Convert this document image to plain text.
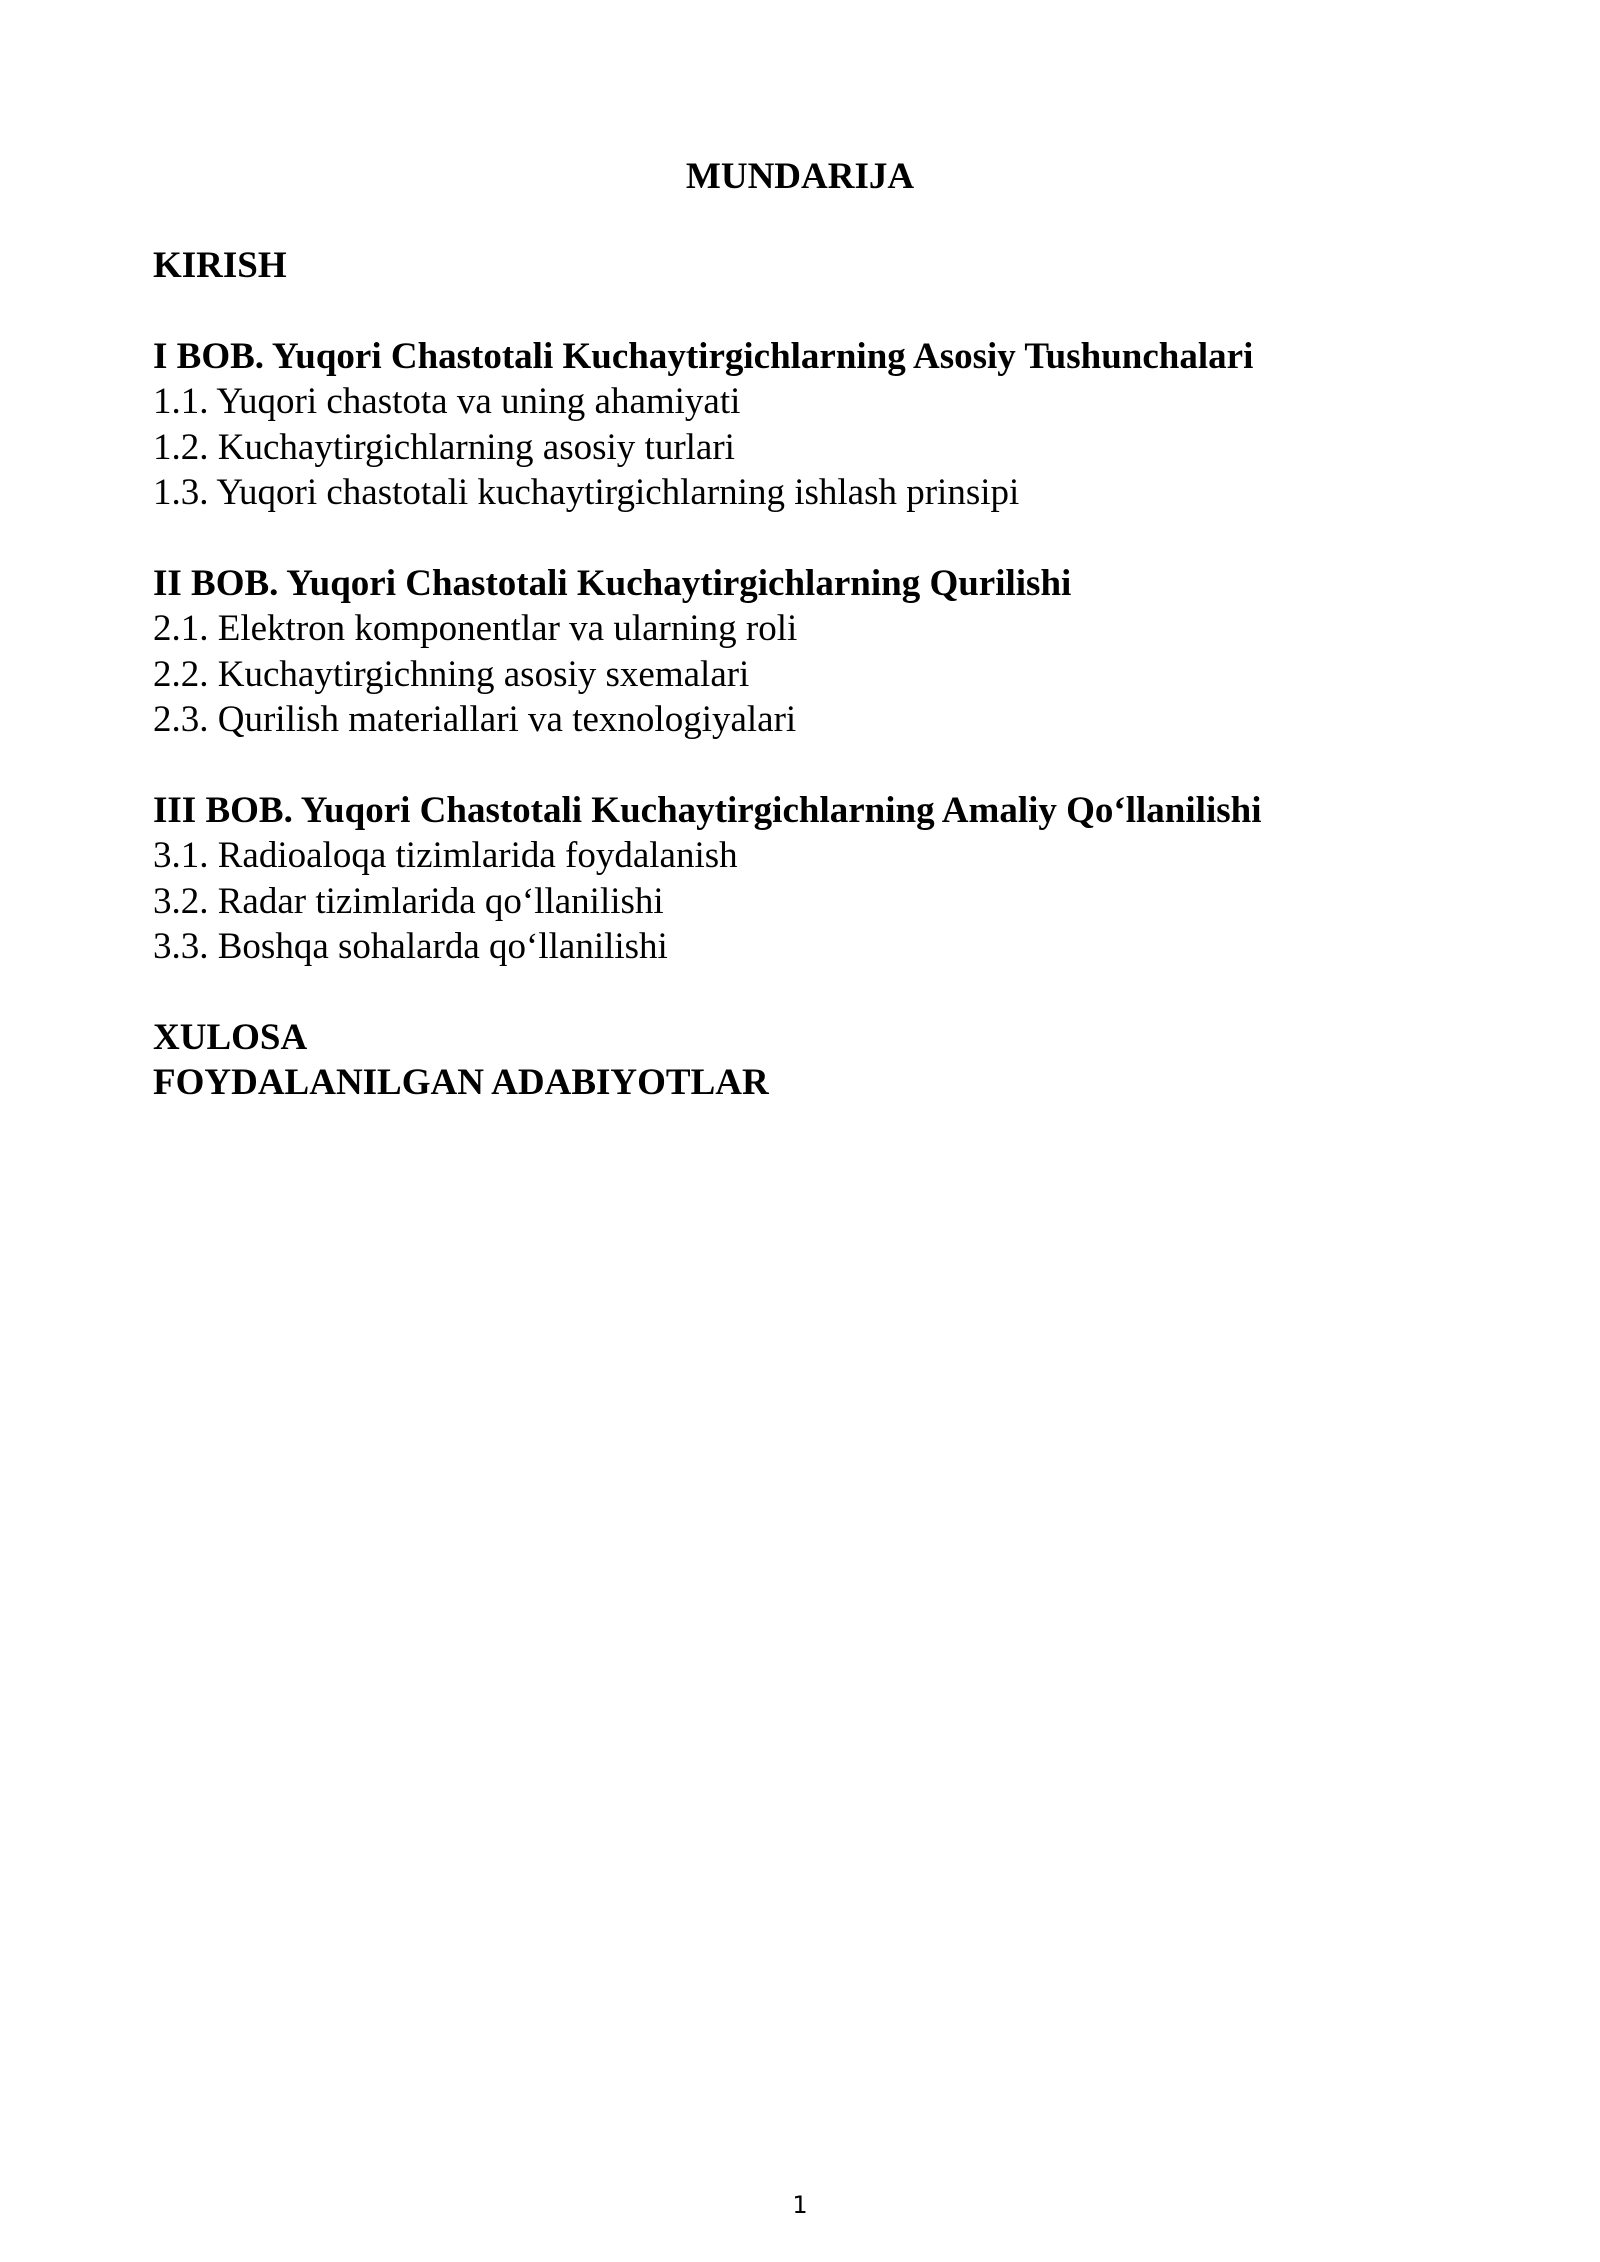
MUNDARIJA
KIRISH
I BOB. Yuqori Chastotali Kuchaytirgichlarning Asosiy Tushunchalari
1.1. Yuqori chastota va uning ahamiyati
1.2. Kuchaytirgichlarning asosiy turlari
1.3. Yuqori chastotali kuchaytirgichlarning ishlash prinsipi
II BOB. Yuqori Chastotali Kuchaytirgichlarning Qurilishi
2.1. Elektron komponentlar va ularning roli
2.2. Kuchaytirgichning asosiy sxemalari
2.3. Qurilish materiallari va texnologiyalari
III BOB. Yuqori Chastotali Kuchaytirgichlarning Amaliy Qo‘llanilishi
3.1. Radioaloqa tizimlarida foydalanish
3.2. Radar tizimlarida qo‘llanilishi
3.3. Boshqa sohalarda qo‘llanilishi
XULOSA
FOYDALANILGAN ADABIYOTLAR
1
